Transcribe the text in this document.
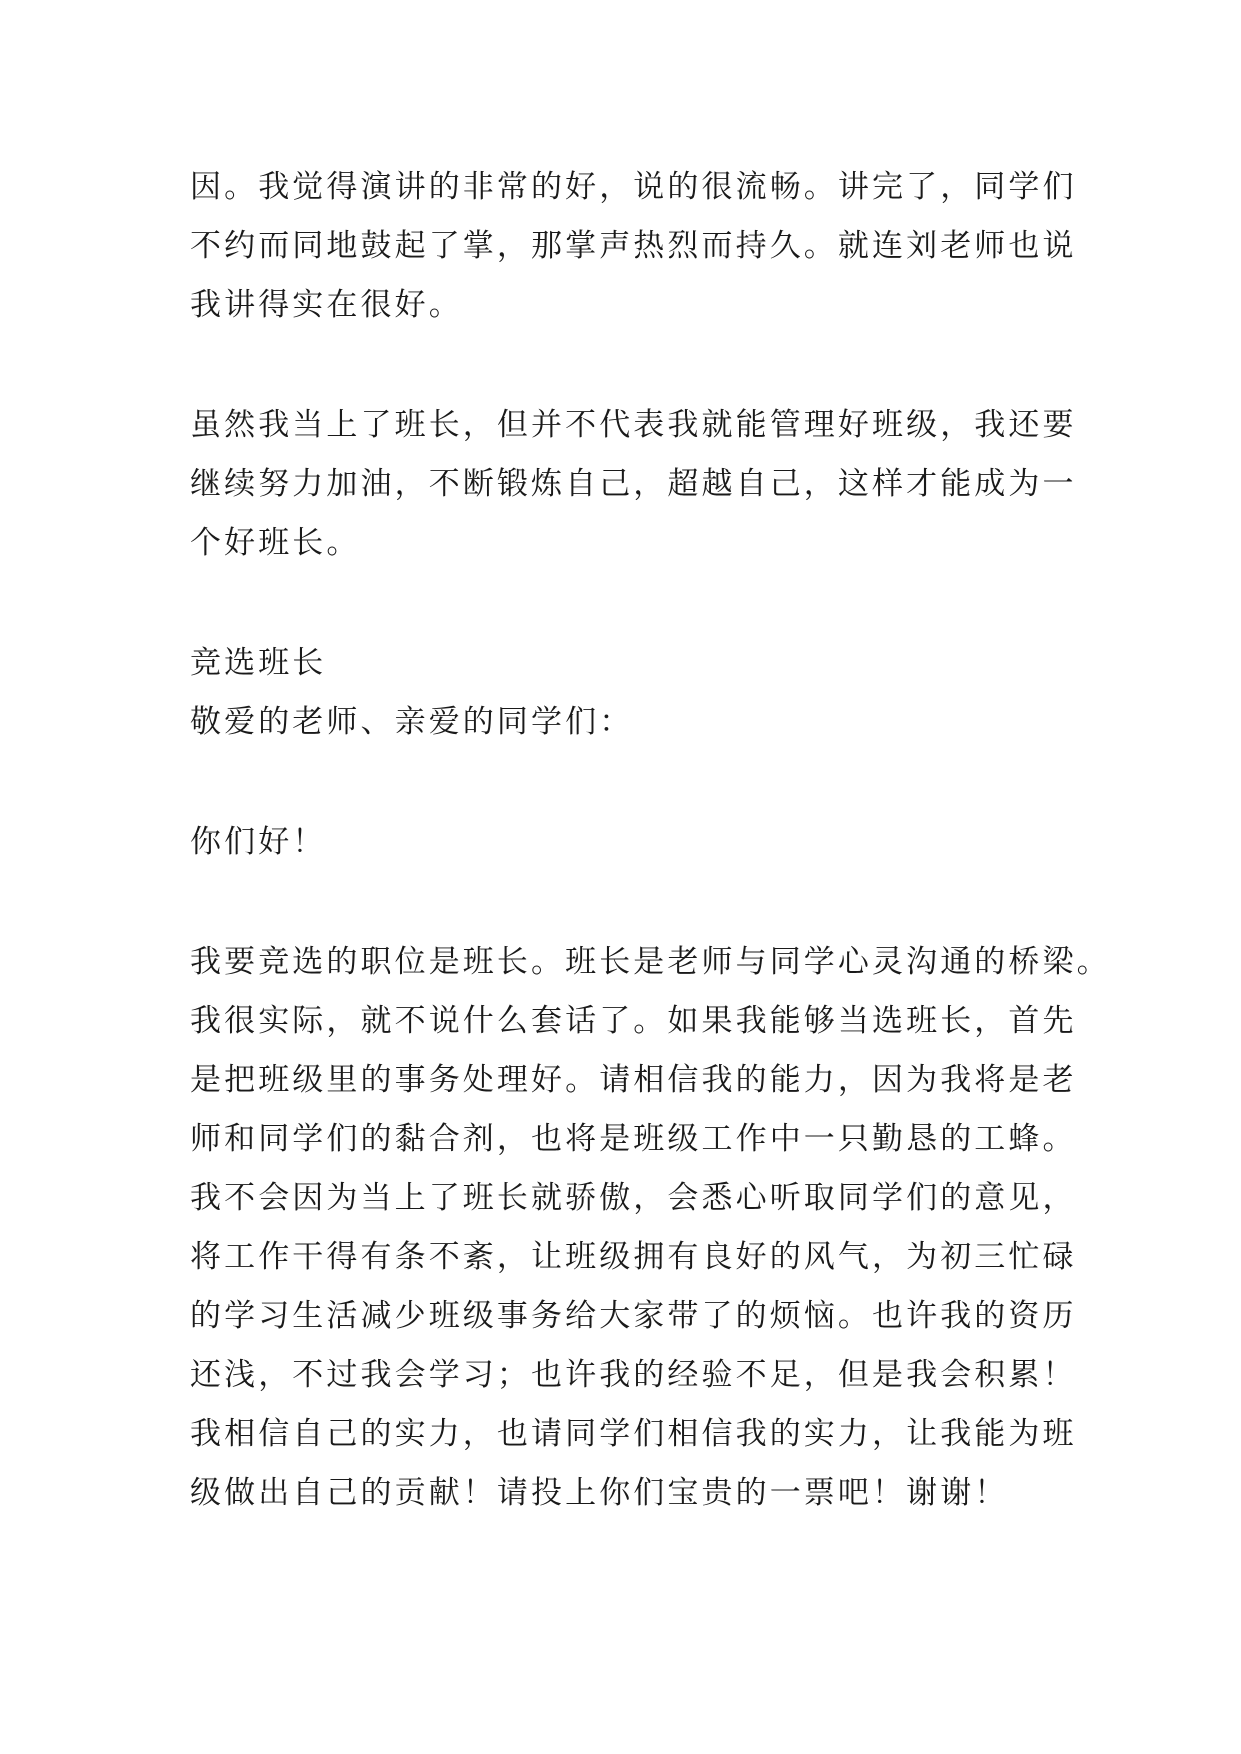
因。我觉得演讲的非常的好，说的很流畅。讲完了，同学们
不约而同地鼓起了掌，那掌声热烈而持久。就连刘老师也说
我讲得实在很好。

虽然我当上了班长，但并不代表我就能管理好班级，我还要
继续努力加油，不断锻炼自己，超越自己，这样才能成为一
个好班长。

竞选班长
敬爱的老师、亲爱的同学们：

你们好！

我要竞选的职位是班长。班长是老师与同学心灵沟通的桥梁。
我很实际，就不说什么套话了。如果我能够当选班长，首先
是把班级里的事务处理好。请相信我的能力，因为我将是老
师和同学们的黏合剂，也将是班级工作中一只勤恳的工蜂。
我不会因为当上了班长就骄傲，会悉心听取同学们的意见，
将工作干得有条不紊，让班级拥有良好的风气，为初三忙碌
的学习生活减少班级事务给大家带了的烦恼。也许我的资历
还浅，不过我会学习；也许我的经验不足，但是我会积累！
我相信自己的实力，也请同学们相信我的实力，让我能为班
级做出自己的贡献！请投上你们宝贵的一票吧！谢谢！
